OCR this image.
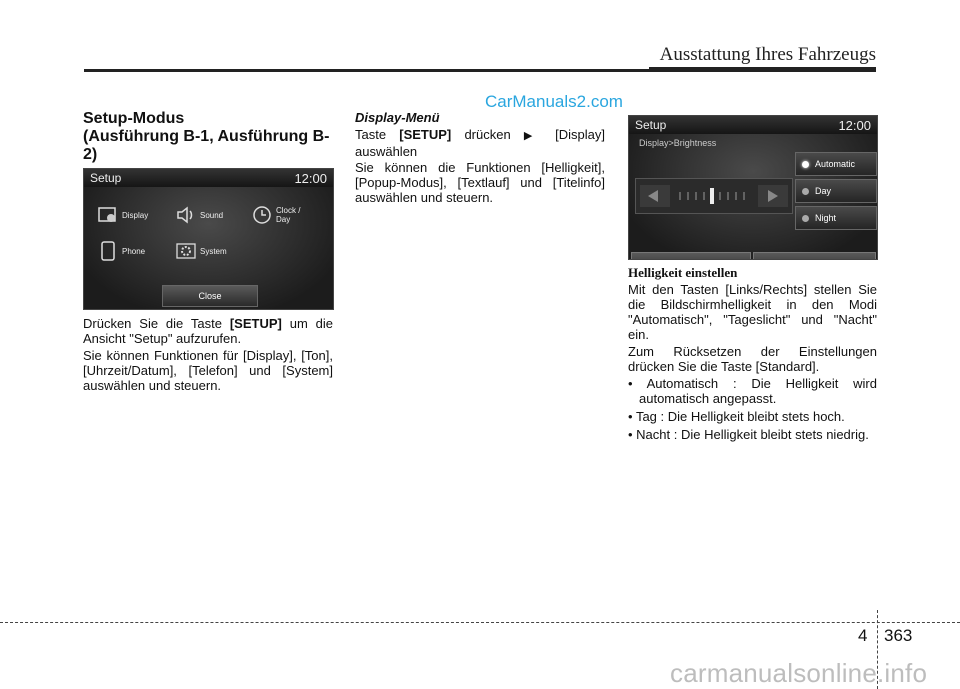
Ausstattung Ihres Fahrzeugs
CarManuals2.com
Setup-Modus
(Ausführung B-1, Ausführung B-2)
Setup	12:00
Display	Sound	Clock /
Day
Phone	System
Close
Drücken Sie die Taste [SETUP] um die Ansicht "Setup" aufzurufen.
Sie können Funktionen für [Display], [Ton], [Uhrzeit/Datum], [Telefon] und [System] auswählen und steuern.
Display-Menü
Taste [SETUP] drücken ▶ [Display] auswählen
Sie können die Funktionen [Helligkeit], [Popup-Modus], [Textlauf] und [Titelinfo] auswählen und steuern.
Setup	12:00
Display>Brightness
Automatic
Day
Night
Helligkeit einstellen
Mit den Tasten [Links/Rechts] stellen Sie die Bildschirmhelligkeit in den Modi "Automatisch", "Tageslicht" und "Nacht" ein.
Zum Rücksetzen der Einstellungen drücken Sie die Taste [Standard].
• Automatisch : Die Helligkeit wird automatisch angepasst.
• Tag : Die Helligkeit bleibt stets hoch.
• Nacht : Die Helligkeit bleibt stets niedrig.
4 363
carmanualsonline.info
